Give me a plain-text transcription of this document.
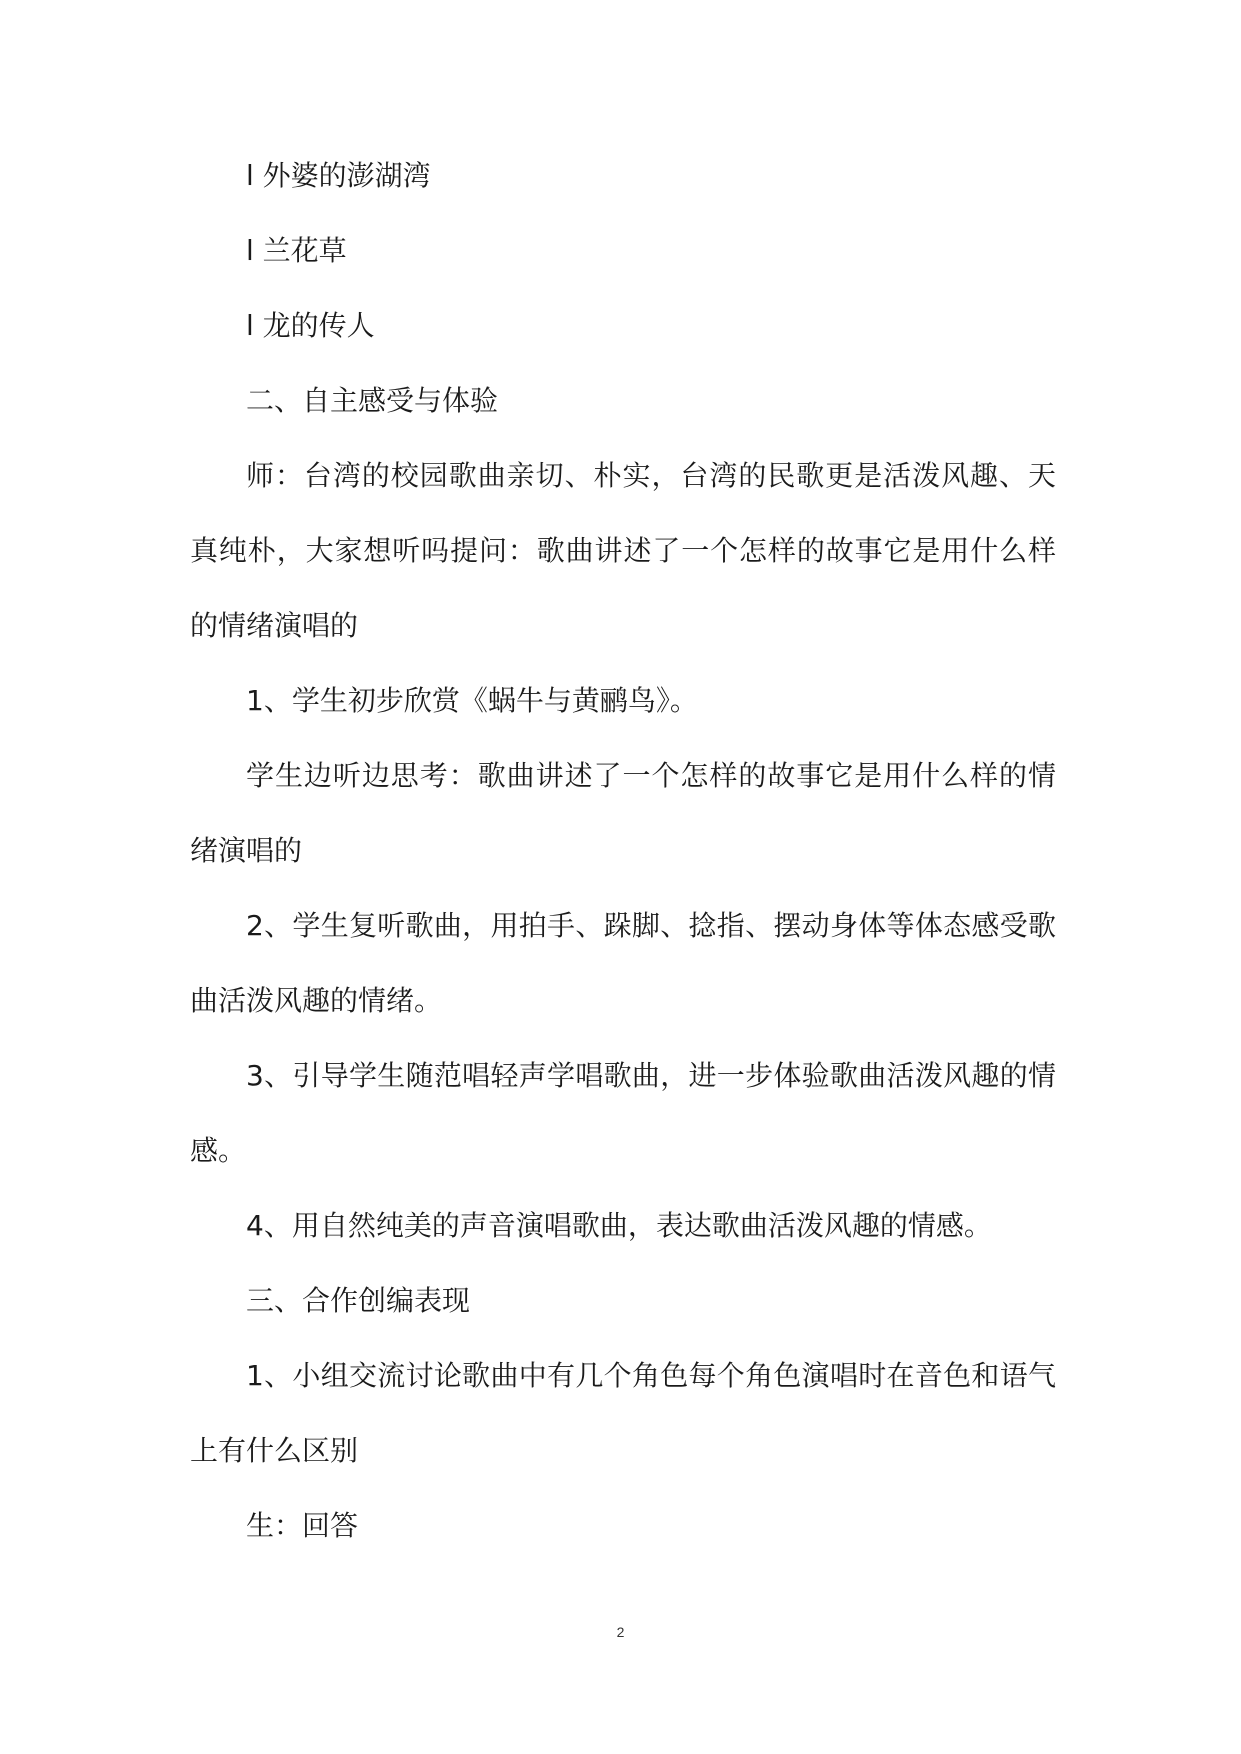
l 外婆的澎湖湾

l 兰花草

l 龙的传人

二、自主感受与体验

师：台湾的校园歌曲亲切、朴实，台湾的民歌更是活泼风趣、天真纯朴，大家想听吗提问：歌曲讲述了一个怎样的故事它是用什么样的情绪演唱的

1、学生初步欣赏《蜗牛与黄鹂鸟》。

学生边听边思考：歌曲讲述了一个怎样的故事它是用什么样的情绪演唱的

2、学生复听歌曲，用拍手、跺脚、捻指、摆动身体等体态感受歌曲活泼风趣的情绪。

3、引导学生随范唱轻声学唱歌曲，进一步体验歌曲活泼风趣的情感。

4、用自然纯美的声音演唱歌曲，表达歌曲活泼风趣的情感。

三、合作创编表现

1、小组交流讨论歌曲中有几个角色每个角色演唱时在音色和语气上有什么区别

生：回答

2
